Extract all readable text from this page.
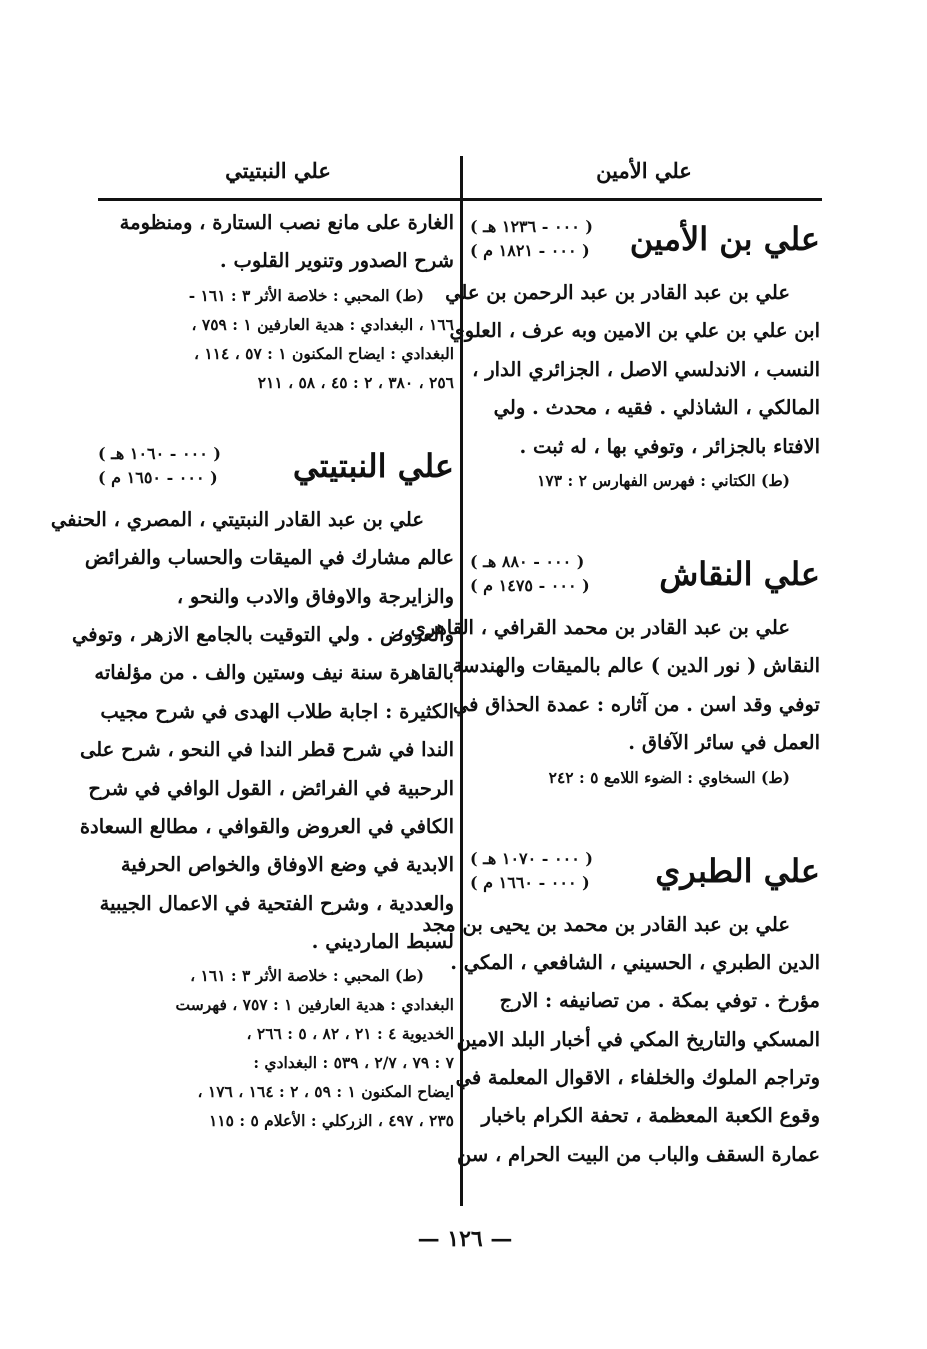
علي الأمين
علي النبتيتي
علي بن الأمين
( ٠٠٠ - ١٢٣٦ هـ )
( ٠٠٠ - ١٨٢١ م )
علي بن عبد القادر بن عبد الرحمن بن علي
ابن علي بن علي بن الامين وبه عرف ، العلوي
النسب ، الاندلسي الاصل ، الجزائري الدار ،
المالكي ، الشاذلي . فقيه ، محدث . ولي
الافتاء بالجزائر ، وتوفي بها ، له ثبت .
(ط) الكتاني : فهرس الفهارس ٢ : ١٧٣
علي النقاش
( ٠٠٠ - ٨٨٠ هـ )
( ٠٠٠ - ١٤٧٥ م )
علي بن عبد القادر بن محمد القرافي ، القاهري ،
النقاش ( نور الدين ) عالم بالميقات والهندسة
توفي وقد اسن . من آثاره : عمدة الحذاق في
العمل في سائر الآفاق .
(ط) السخاوي : الضوء اللامع ٥ : ٢٤٢
علي الطبري
( ٠٠٠ - ١٠٧٠ هـ )
( ٠٠٠ - ١٦٦٠ م )
علي بن عبد القادر بن محمد بن يحيى بن مجد
الدين الطبري ، الحسيني ، الشافعي ، المكي .
مؤرخ . توفي بمكة . من تصانيفه : الارج
المسكي والتاريخ المكي في أخبار البلد الامين
وتراجم الملوك والخلفاء ، الاقوال المعلمة في
وقوع الكعبة المعظمة ، تحفة الكرام باخبار
عمارة السقف والباب من البيت الحرام ، سن
الغارة على مانع نصب الستارة ، ومنظومة
شرح الصدور وتنوير القلوب .
(ط) المحبي : خلاصة الأثر ٣ : ١٦١ -
١٦٦ ، البغدادي : هدية العارفين ١ : ٧٥٩ ،
البغدادي : ايضاح المكنون ١ : ٥٧ ، ١١٤ ،
٢٥٦ ، ٣٨٠ ، ٢ : ٤٥ ، ٥٨ ، ٢١١
علي النبتيتي
( ٠٠٠ - ١٠٦٠ هـ )
( ٠٠٠ - ١٦٥٠ م )
علي بن عبد القادر النبتيتي ، المصري ، الحنفي
عالم مشارك في الميقات والحساب والفرائض
والزايرجة والاوفاق والادب والنحو ،
والعروض . ولي التوقيت بالجامع الازهر ، وتوفي
بالقاهرة سنة نيف وستين والف . من مؤلفاته
الكثيرة : اجابة طلاب الهدى في شرح مجيب
الندا في شرح قطر الندا في النحو ، شرح على
الرحبية في الفرائض ، القول الوافي في شرح
الكافي في العروض والقوافي ، مطالع السعادة
الابدية في وضع الاوفاق والخواص الحرفية
والعددية ، وشرح الفتحية في الاعمال الجيبية
لسبط المارديني .
(ط) المحبي : خلاصة الأثر ٣ : ١٦١ ،
البغدادي : هدية العارفين ١ : ٧٥٧ ، فهرست
الخديوية ٤ : ٢١ ، ٨٢ ، ٥ : ٢٦٦ ،
٧ : ٧٩ ، ٢/٧ ، ٥٣٩ : البغدادي :
ايضاح المكنون ١ : ٥٩ ، ٢ : ١٦٤ ، ١٧٦ ،
٢٣٥ ، ٤٩٧ ، الزركلي : الأعلام ٥ : ١١٥
— ١٢٦ —
